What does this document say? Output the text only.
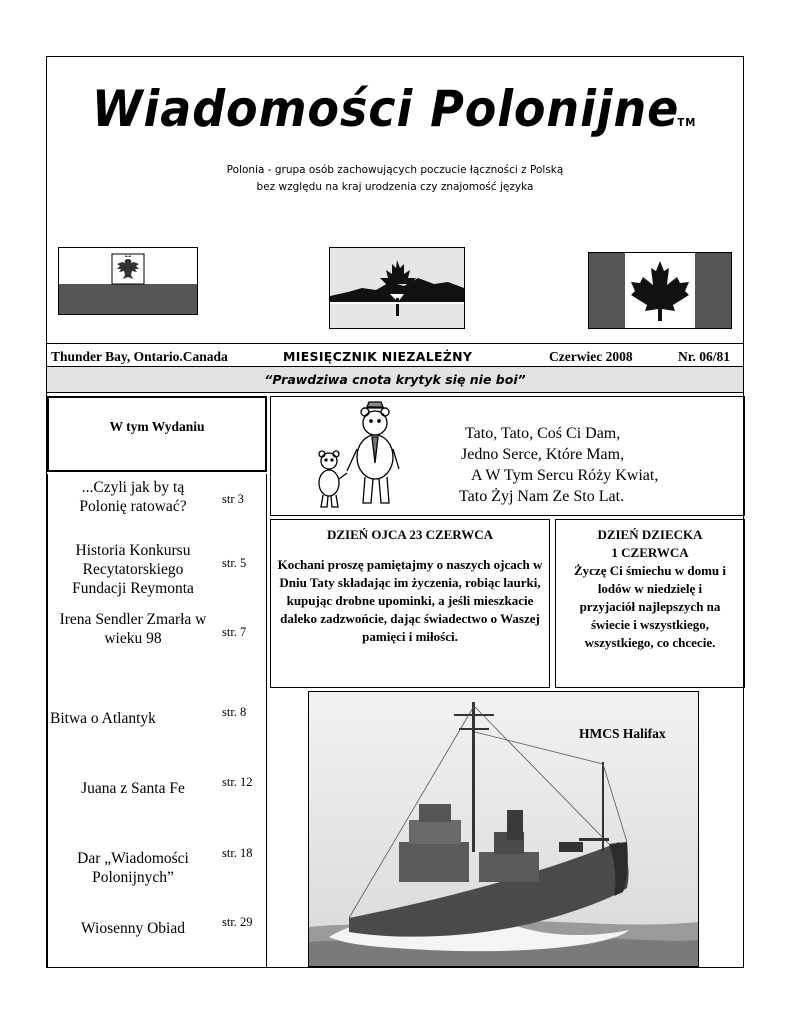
Wiadomości Polonijne™
Polonia - grupa osób zachowujących poczucie łączności z Polską
bez względu na kraj urodzenia czy znajomość języka
Thunder Bay, Ontario.Canada	MIESIĘCZNIK NIEZALEŻNY	Czerwiec 2008	Nr. 06/81
“Prawdziwa cnota krytyk się nie boi”
W tym Wydaniu
...Czyli jak by tą Polonię ratować?	str 3
Historia Konkursu Recytatorskiego Fundacji Reymonta
str. 5
Irena Sendler Zmarła w wieku 98	str. 7
Bitwa o Atlantyk	str. 8
Juana z Santa Fe	str. 12
Dar „Wiadomości Polonijnych”
str. 18
Wiosenny Obiad	str. 29
Tato, Tato, Coś Ci Dam,
Jedno Serce, Które Mam,
A W Tym Sercu Róży Kwiat,
Tato Żyj Nam Ze Sto Lat.
DZIEŃ OJCA 23 CZERWCA
Kochani proszę pamiętajmy o naszych ojcach w Dniu Taty składając im życzenia, robiąc laurki, kupując drobne upominki, a jeśli mieszkacie daleko zadzwońcie, dając świadectwo o Waszej pamięci i miłości.
DZIEŃ DZIECKA
1 CZERWCA
Życzę Ci śmiechu w domu i lodów w niedzielę i przyjaciół najlepszych na świecie i wszystkiego, wszystkiego, co chcecie.
HMCS Halifax
